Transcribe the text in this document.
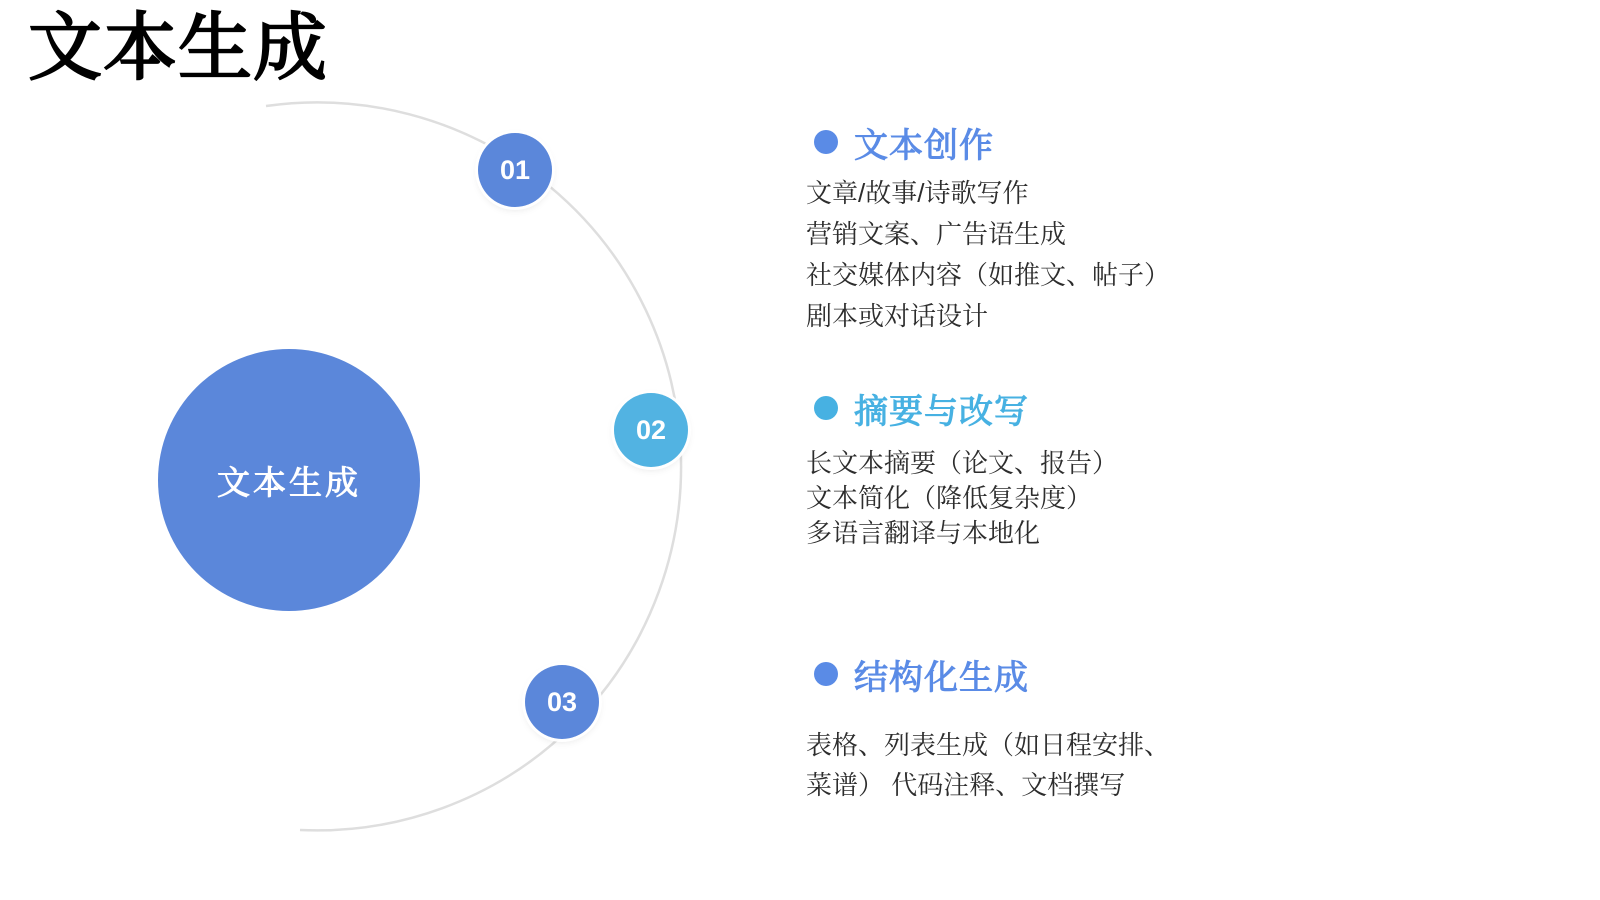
文本生成
文本生成
01
02
03
文本创作
文章/故事/诗歌写作
营销文案、广告语生成
社交媒体内容（如推文、帖子）
剧本或对话设计
摘要与改写
长文本摘要（论文、报告）
文本简化（降低复杂度）
多语言翻译与本地化
结构化生成
表格、列表生成（如日程安排、
菜谱） 代码注释、文档撰写
